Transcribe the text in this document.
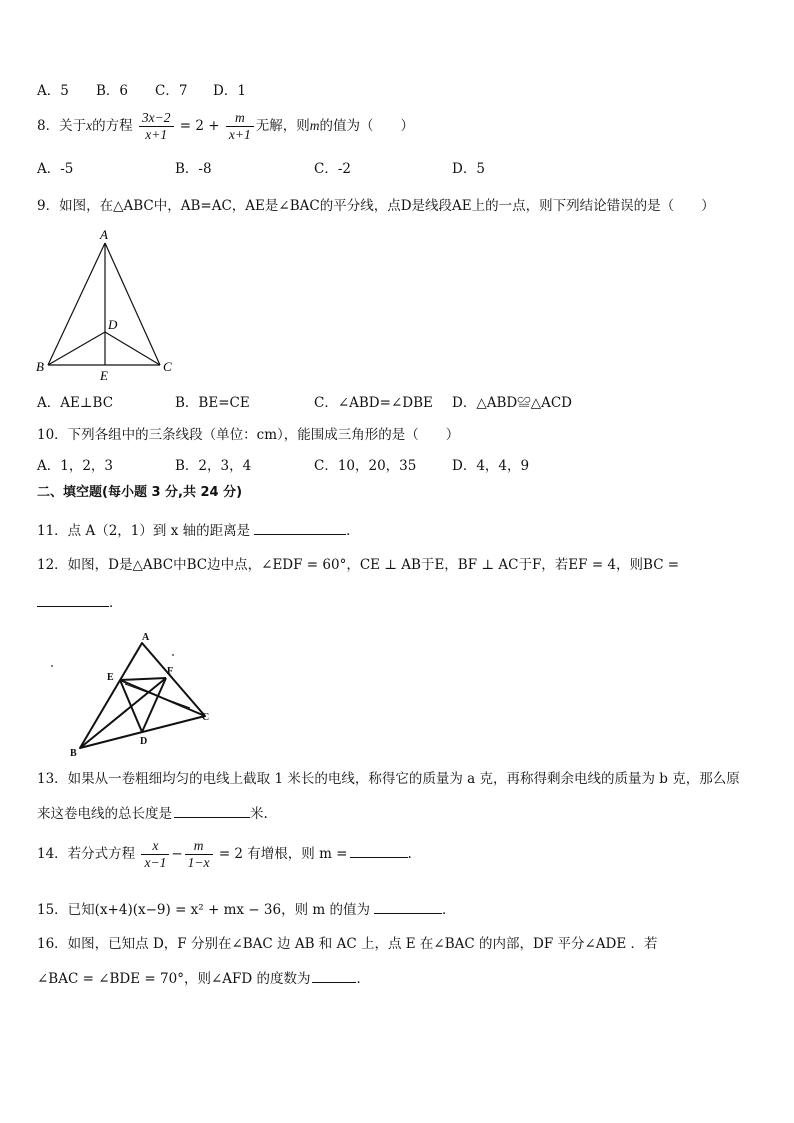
A．5 B．6 C．7 D．1
8．关于x的方程 $\frac{3x-2}{x+1} = 2 + \frac{m}{x+1}$ 无解，则m的值为（　　）
A．-5	B．-8	C．-2	D．5
9．如图，在△ABC中，AB=AC，AE是∠BAC的平分线，点D是线段AE上的一点，则下列结论错误的是（　　）
A
D
B	C
E
A．AE⊥BC	B．BE=CE	C．∠ABD=∠DBE D．△ABD≌△ACD
10．下列各组中的三条线段（单位：cm），能围成三角形的是（　　）
A．1，2，3	B．2，3，4	C．10，20，35	D．4，4，9
二、填空题(每小题 3 分,共 24 分)
11．点 A（2，1）到 x 轴的距离是	．
12．如图，D是△ABC中BC边中点，∠EDF = 60°，CE ⊥ AB于E，BF ⊥ AC于F，若EF = 4，则BC =
．
A
E
F
C
D
B
13．如果从一卷粗细均匀的电线上截取 1 米长的电线，称得它的质量为 a 克，再称得剩余电线的质量为 b 克，那么原
来这卷电线的总长度是	米.
14．若分式方程 $\frac{x}{x-1} - \frac{m}{1-x} = 2$ 有增根，则 m =	.
15．已知(x+4)(x−9) = x² + mx − 36，则 m 的值为	．
16．如图，已知点 D，F 分别在∠BAC 边 AB 和 AC 上，点 E 在∠BAC 的内部，DF 平分∠ADE ．若
∠BAC = ∠BDE = 70°，则∠AFD 的度数为	．
